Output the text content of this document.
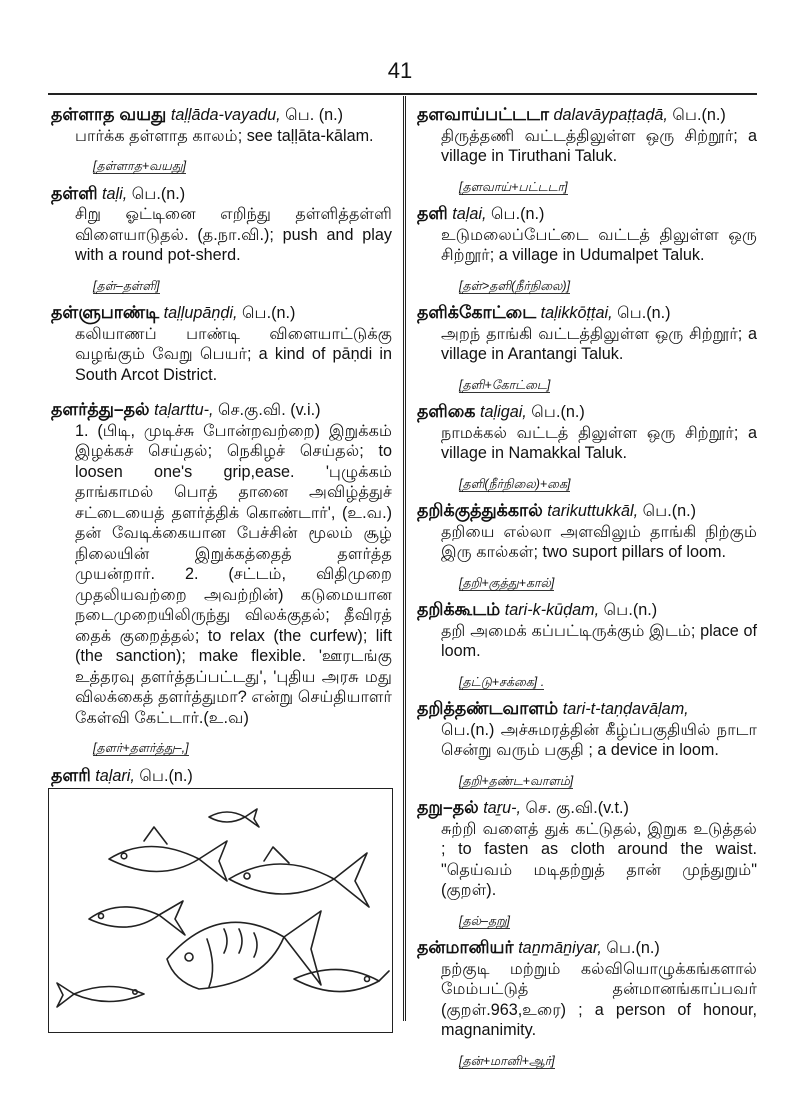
41
தள்ளாத வயது taḷḷāda-vayadu, பெ. (n.)
பார்க்க தள்ளாத காலம்; see taḷḷāta-kālam.
[தள்ளாத+வயது]
தள்ளி taḷi, பெ.(n.)
சிறு ஓட்டினை எறிந்து தள்ளித்தள்ளி விளையாடுதல். (த.நா.வி.); push and play with a round pot-sherd.
[தள்–தள்ளி]
தள்ளுபாண்டி taḷḷupāṇḍi, பெ.(n.)
கலியாணப் பாண்டி விளையாட்டுக்கு வழங்கும் வேறு பெயர்; a kind of pāṇdi in South Arcot District.
தளர்த்து–தல் taḷarttu-, செ.கு.வி. (v.i.)
1. (பிடி, முடிச்சு போன்றவற்றை) இறுக்கம் இழக்கச் செய்தல்; நெகிழச் செய்தல்; to loosen one's grip,ease. 'புழுக்கம் தாங்காமல் பொத் தானை அவிழ்த்துச் சட்டையைத் தளர்த்திக் கொண்டார்', (உ.வ.) தன் வேடிக்கையான பேச்சின் மூலம் சூழ் நிலையின் இறுக்கத்தைத் தளர்த்த முயன்றார். 2. (சட்டம், விதிமுறை முதலியவற்றை அவற்றின்) கடுமையான நடைமுறையிலிருந்து விலக்குதல்; தீவிரத் தைக் குறைத்தல்; to relax (the curfew); lift (the sanction); make flexible. 'ஊரடங்கு உத்தரவு தளர்த்தப்பட்டது', 'புதிய அரசு மது விலக்கைத் தளர்த்துமா? என்று செய்தியாளர் கேள்வி கேட்டார்.(உ.வ)
[தளர்+தளர்த்து–,]
தளரி taḷari, பெ.(n.)
தளவாய்பட்டடா dalavāypaṭṭaḍā, பெ.(n.)
திருத்தணி வட்டத்திலுள்ள ஒரு சிற்றூர்; a village in Tiruthani Taluk.
[தளவாய்+பட்டடா]
தளி taḷai, பெ.(n.)
உடுமலைப்பேட்டை வட்டத் திலுள்ள ஒரு சிற்றூர்; a village in Udumalpet Taluk.
[தள்>தளி(நீர்நிலை)]
தளிக்கோட்டை taḷikkōṭṭai, பெ.(n.)
அறந் தாங்கி வட்டத்திலுள்ள ஒரு சிற்றூர்; a village in Arantangi Taluk.
[தளி+கோட்டை]
தளிகை taḷigai, பெ.(n.)
நாமக்கல் வட்டத் திலுள்ள ஒரு சிற்றூர்; a village in Namakkal Taluk.
[தளி(நீர்நிலை)+கை]
தறிக்குத்துக்கால் tarikuttukkāl, பெ.(n.)
தறியை எல்லா அளவிலும் தாங்கி நிற்கும் இரு கால்கள்; two suport pillars of loom.
[தறி+குத்து+கால்]
தறிக்கூடம் tari-k-kūḍam, பெ.(n.)
தறி அமைக் கப்பட்டிருக்கும் இடம்; place of loom.
[தட்டு+சக்கை] .
தறித்தண்டவாளம் tari-t-taṇḍavāḷam,
பெ.(n.) அச்சுமரத்தின் கீழ்ப்பகுதியில் நாடா சென்று வரும் பகுதி ; a device in loom.
[தறி+தண்ட+வாளம்]
தறு–தல் taṟu-, செ. கு.வி.(v.t.)
சுற்றி வளைத் துக் கட்டுதல், இறுக உடுத்தல் ; to fasten as cloth around the waist. "தெய்வம் மடிதற்றுத் தான் முந்துறும்" (குறள்).
[தல்–தறு]
தன்மானியர் taṉmāṉiyar, பெ.(n.)
நற்குடி மற்றும் கல்வியொழுக்கங்களால் மேம்பட்டுத் தன்மானங்காப்பவர் (குறள்.963,உரை) ; a person of honour, magnanimity.
[தன்+மானி+ஆர்]
